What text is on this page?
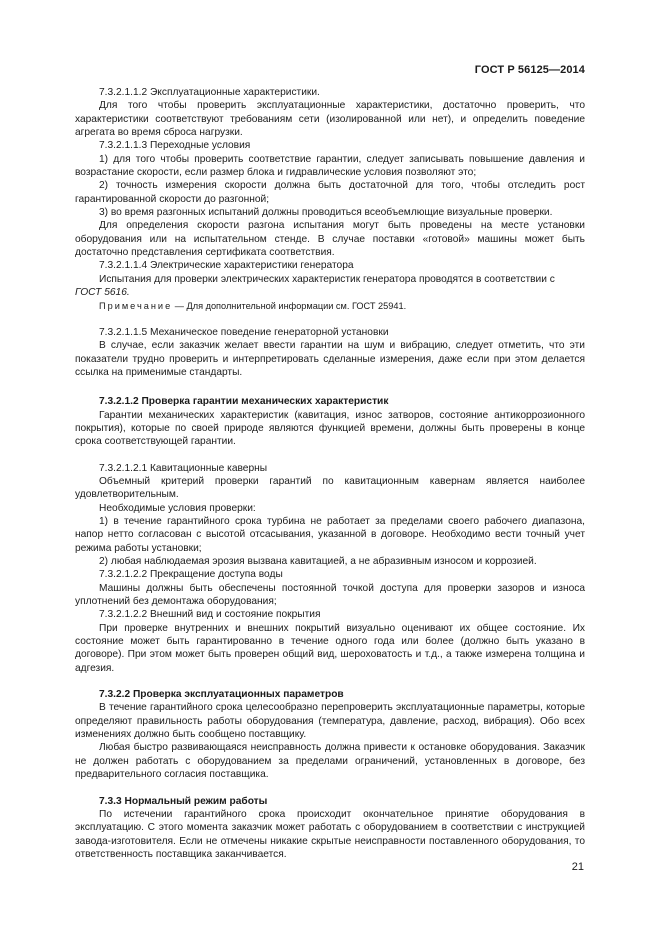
ГОСТ Р 56125—2014

7.3.2.1.1.2 Эксплуатационные характеристики.

Для того чтобы проверить эксплуатационные характеристики, достаточно проверить, что характеристики соответствуют требованиям сети (изолированной или нет), и определить поведение агрегата во время сброса нагрузки.

7.3.2.1.1.3 Переходные условия

1) для того чтобы проверить соответствие гарантии, следует записывать повышение давления и возрастание скорости, если размер блока и гидравлические условия позволяют это;

2) точность измерения скорости должна быть достаточной для того, чтобы отследить рост гарантированной скорости до разгонной;

3) во время разгонных испытаний должны проводиться всеобъемлющие визуальные проверки.

Для определения скорости разгона испытания могут быть проведены на месте установки оборудования или на испытательном стенде. В случае поставки «готовой» машины может быть достаточно представления сертификата соответствия.

7.3.2.1.1.4 Электрические характеристики генератора

Испытания для проверки электрических характеристик генератора проводятся в соответствии с
ГОСТ 5616.

Примечание — Для дополнительной информации см. ГОСТ 25941.

7.3.2.1.1.5 Механическое поведение генераторной установки

В случае, если заказчик желает ввести гарантии на шум и вибрацию, следует отметить, что эти показатели трудно проверить и интерпретировать сделанные измерения, даже если при этом делается ссылка на применимые стандарты.

7.3.2.1.2 Проверка гарантии механических характеристик

Гарантии механических характеристик (кавитация, износ затворов, состояние антикоррозионного покрытия), которые по своей природе являются функцией времени, должны быть проверены в конце срока соответствующей гарантии.

7.3.2.1.2.1 Кавитационные каверны

Объемный критерий проверки гарантий по кавитационным кавернам является наиболее удовлетворительным.

Необходимые условия проверки:

1) в течение гарантийного срока турбина не работает за пределами своего рабочего диапазона, напор нетто согласован с высотой отсасывания, указанной в договоре. Необходимо вести точный учет режима работы установки;

2) любая наблюдаемая эрозия вызвана кавитацией, а не абразивным износом и коррозией.

7.3.2.1.2.2 Прекращение доступа воды

Машины должны быть обеспечены постоянной точкой доступа для проверки зазоров и износа уплотнений без демонтажа оборудования;

7.3.2.1.2.2 Внешний вид и состояние покрытия

При проверке внутренних и внешних покрытий визуально оценивают их общее состояние. Их состояние может быть гарантированно в течение одного года или более (должно быть указано в договоре). При этом может быть проверен общий вид, шероховатость и т.д., а также измерена толщина и адгезия.

7.3.2.2 Проверка эксплуатационных параметров

В течение гарантийного срока целесообразно перепроверить эксплуатационные параметры, которые определяют правильность работы оборудования (температура, давление, расход, вибрация). Обо всех изменениях должно быть сообщено поставщику.

Любая быстро развивающаяся неисправность должна привести к остановке оборудования. Заказчик не должен работать с оборудованием за пределами ограничений, установленных в договоре, без предварительного согласия поставщика.

7.3.3 Нормальный режим работы

По истечении гарантийного срока происходит окончательное принятие оборудования в эксплуатацию. С этого момента заказчик может работать с оборудованием в соответствии с инструкцией завода-изготовителя. Если не отмечены никакие скрытые неисправности поставленного оборудования, то ответственность поставщика заканчивается.

21
